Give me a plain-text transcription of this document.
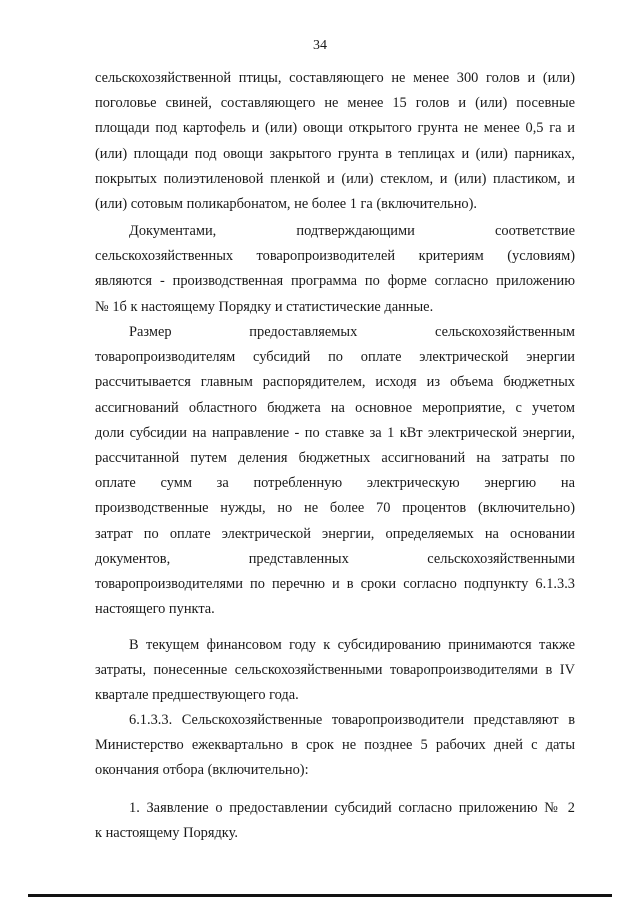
34
сельскохозяйственной птицы, составляющего не менее 300 голов и (или)
поголовье свиней, составляющего не менее 15 голов и (или) посевные
площади под картофель и (или) овощи открытого грунта не менее 0,5 га и
(или) площади под овощи закрытого грунта в теплицах и (или) парниках,
покрытых полиэтиленовой пленкой и (или) стеклом, и (или) пластиком, и
(или) сотовым поликарбонатом, не более 1 га (включительно).
Документами, подтверждающими соответствие
сельскохозяйственных товаропроизводителей критериям (условиям)
являются - производственная программа по форме согласно приложению
№ 1б к настоящему Порядку и статистические данные.
Размер предоставляемых сельскохозяйственным
товаропроизводителям субсидий по оплате электрической энергии
рассчитывается главным распорядителем, исходя из объема бюджетных
ассигнований областного бюджета на основное мероприятие, с учетом
доли субсидии на направление - по ставке за 1 кВт электрической энергии,
рассчитанной путем деления бюджетных ассигнований на затраты по
оплате сумм за потребленную электрическую энергию на
производственные нужды, но не более 70 процентов (включительно)
затрат по оплате электрической энергии, определяемых на основании
документов, представленных сельскохозяйственными
товаропроизводителями по перечню и в сроки согласно подпункту 6.1.3.3
настоящего пункта.
В текущем финансовом году к субсидированию принимаются также
затраты, понесенные сельскохозяйственными товаропроизводителями в IV
квартале предшествующего года.
6.1.3.3. Сельскохозяйственные товаропроизводители представляют в
Министерство ежеквартально в срок не позднее 5 рабочих дней с даты
окончания отбора (включительно):
1. Заявление о предоставлении субсидий согласно приложению № 2
к настоящему Порядку.
